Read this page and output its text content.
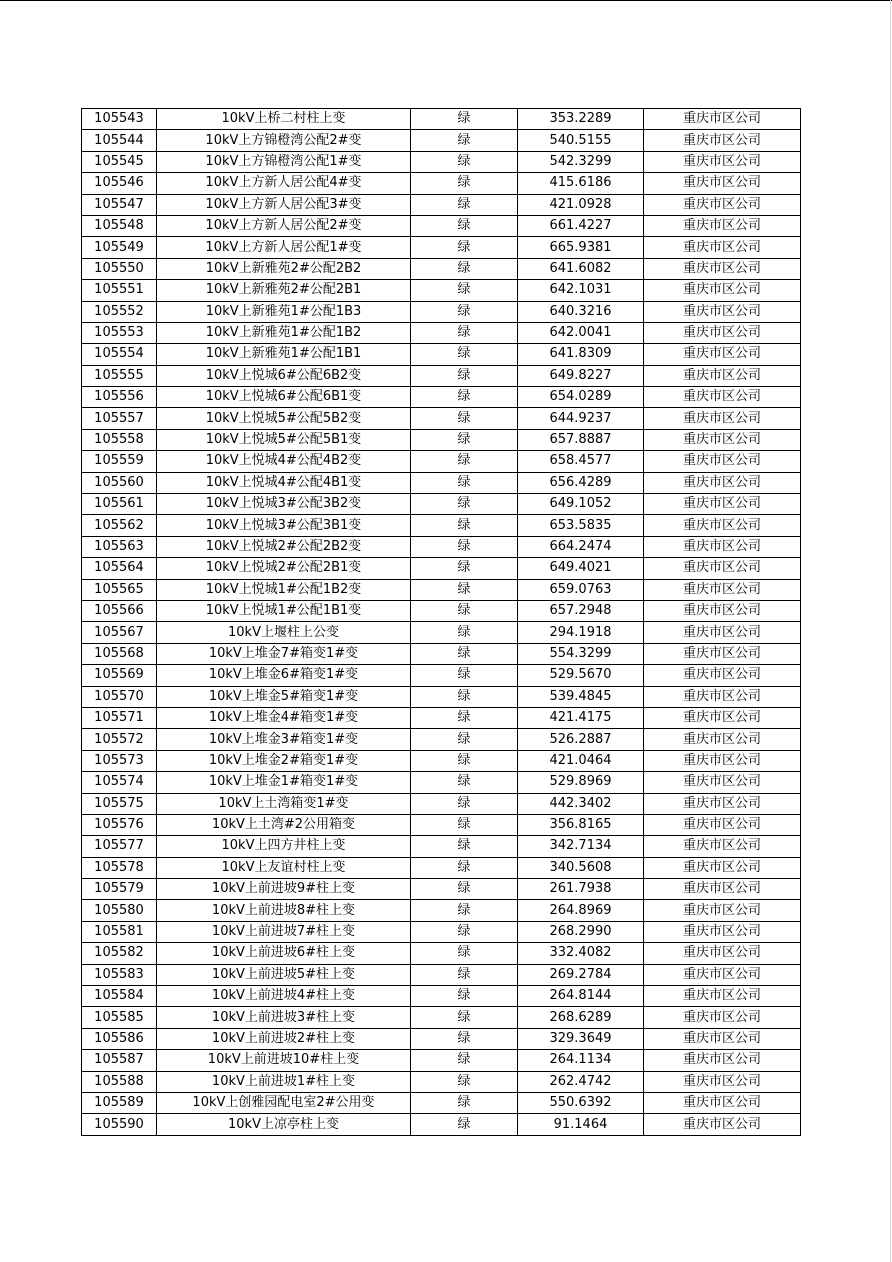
105543	10kV上桥二村柱上变	绿	353.2289	重庆市区公司
105544	10kV上方锦橙湾公配2#变	绿	540.5155	重庆市区公司
105545	10kV上方锦橙湾公配1#变	绿	542.3299	重庆市区公司
105546	10kV上方新人居公配4#变	绿	415.6186	重庆市区公司
105547	10kV上方新人居公配3#变	绿	421.0928	重庆市区公司
105548	10kV上方新人居公配2#变	绿	661.4227	重庆市区公司
105549	10kV上方新人居公配1#变	绿	665.9381	重庆市区公司
105550	10kV上新雅苑2#公配2B2	绿	641.6082	重庆市区公司
105551	10kV上新雅苑2#公配2B1	绿	642.1031	重庆市区公司
105552	10kV上新雅苑1#公配1B3	绿	640.3216	重庆市区公司
105553	10kV上新雅苑1#公配1B2	绿	642.0041	重庆市区公司
105554	10kV上新雅苑1#公配1B1	绿	641.8309	重庆市区公司
105555	10kV上悦城6#公配6B2变	绿	649.8227	重庆市区公司
105556	10kV上悦城6#公配6B1变	绿	654.0289	重庆市区公司
105557	10kV上悦城5#公配5B2变	绿	644.9237	重庆市区公司
105558	10kV上悦城5#公配5B1变	绿	657.8887	重庆市区公司
105559	10kV上悦城4#公配4B2变	绿	658.4577	重庆市区公司
105560	10kV上悦城4#公配4B1变	绿	656.4289	重庆市区公司
105561	10kV上悦城3#公配3B2变	绿	649.1052	重庆市区公司
105562	10kV上悦城3#公配3B1变	绿	653.5835	重庆市区公司
105563	10kV上悦城2#公配2B2变	绿	664.2474	重庆市区公司
105564	10kV上悦城2#公配2B1变	绿	649.4021	重庆市区公司
105565	10kV上悦城1#公配1B2变	绿	659.0763	重庆市区公司
105566	10kV上悦城1#公配1B1变	绿	657.2948	重庆市区公司
105567	10kV上堰柱上公变	绿	294.1918	重庆市区公司
105568	10kV上堆金7#箱变1#变	绿	554.3299	重庆市区公司
105569	10kV上堆金6#箱变1#变	绿	529.5670	重庆市区公司
105570	10kV上堆金5#箱变1#变	绿	539.4845	重庆市区公司
105571	10kV上堆金4#箱变1#变	绿	421.4175	重庆市区公司
105572	10kV上堆金3#箱变1#变	绿	526.2887	重庆市区公司
105573	10kV上堆金2#箱变1#变	绿	421.0464	重庆市区公司
105574	10kV上堆金1#箱变1#变	绿	529.8969	重庆市区公司
105575	10kV上土湾箱变1#变	绿	442.3402	重庆市区公司
105576	10kV上土湾#2公用箱变	绿	356.8165	重庆市区公司
105577	10kV上四方井柱上变	绿	342.7134	重庆市区公司
105578	10kV上友谊村柱上变	绿	340.5608	重庆市区公司
105579	10kV上前进坡9#柱上变	绿	261.7938	重庆市区公司
105580	10kV上前进坡8#柱上变	绿	264.8969	重庆市区公司
105581	10kV上前进坡7#柱上变	绿	268.2990	重庆市区公司
105582	10kV上前进坡6#柱上变	绿	332.4082	重庆市区公司
105583	10kV上前进坡5#柱上变	绿	269.2784	重庆市区公司
105584	10kV上前进坡4#柱上变	绿	264.8144	重庆市区公司
105585	10kV上前进坡3#柱上变	绿	268.6289	重庆市区公司
105586	10kV上前进坡2#柱上变	绿	329.3649	重庆市区公司
105587	10kV上前进坡10#柱上变	绿	264.1134	重庆市区公司
105588	10kV上前进坡1#柱上变	绿	262.4742	重庆市区公司
105589	10kV上创雅园配电室2#公用变	绿	550.6392	重庆市区公司
105590	10kV上凉亭柱上变	绿	91.1464	重庆市区公司
